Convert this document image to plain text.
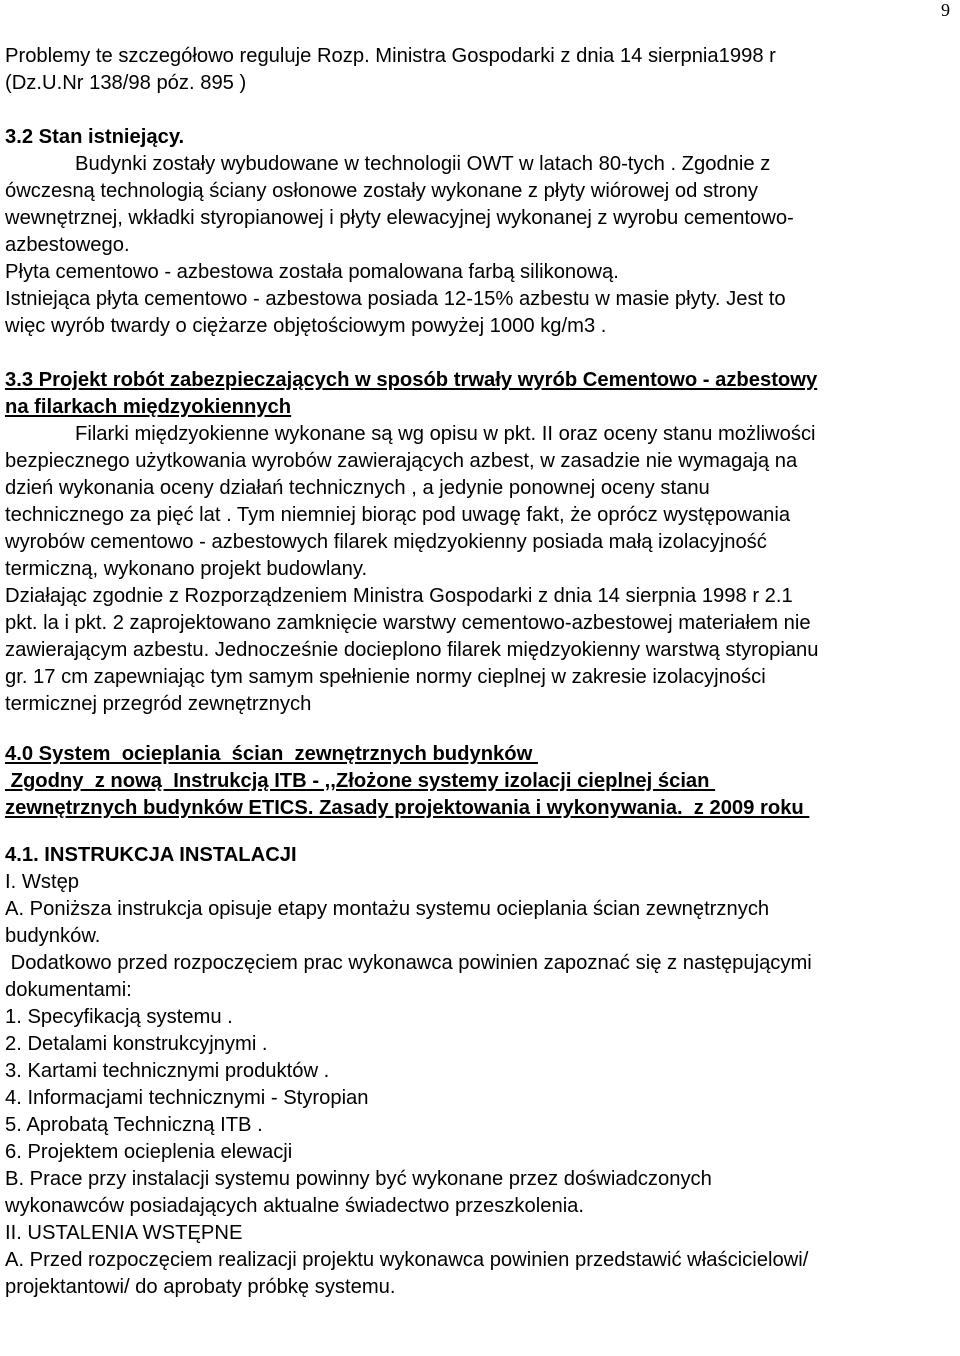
9

Problemy te szczegółowo reguluje Rozp. Ministra Gospodarki z dnia 14 sierpnia1998 r

(Dz.U.Nr 138/98 póz. 895 )

3.2 Stan istniejący.

Budynki zostały wybudowane w technologii OWT w latach 80-tych . Zgodnie z

ówczesną technologią ściany osłonowe zostały wykonane z płyty wiórowej od strony

wewnętrznej, wkładki styropianowej i płyty elewacyjnej wykonanej z wyrobu cementowo-

azbestowego.

Płyta cementowo - azbestowa została pomalowana farbą silikonową.

Istniejąca płyta cementowo - azbestowa posiada 12-15% azbestu w masie płyty. Jest to

więc wyrób twardy o ciężarze objętościowym powyżej 1000 kg/m3 .

3.3 Projekt robót zabezpieczających w sposób trwały wyrób Cementowo - azbestowy

na filarkach międzyokiennych

Filarki międzyokienne wykonane są wg opisu w pkt. II oraz oceny stanu możliwości

bezpiecznego użytkowania wyrobów zawierających azbest, w zasadzie nie wymagają na

dzień wykonania oceny działań technicznych , a jedynie ponownej oceny stanu

technicznego za pięć lat . Tym niemniej biorąc pod uwagę fakt, że oprócz występowania

wyrobów cementowo - azbestowych filarek międzyokienny posiada małą izolacyjność

termiczną, wykonano projekt budowlany.

Działając zgodnie z Rozporządzeniem Ministra Gospodarki z dnia 14 sierpnia 1998 r 2.1

pkt. la i pkt. 2 zaprojektowano zamknięcie warstwy cementowo-azbestowej materiałem nie

zawierającym azbestu. Jednocześnie docieplono filarek międzyokienny warstwą styropianu

gr. 17 cm zapewniając tym samym spełnienie normy cieplnej w zakresie izolacyjności

termicznej przegród zewnętrznych

4.0 System  ocieplania  ścian  zewnętrznych budynków

Zgodny  z nową  Instrukcją ITB - ,,Złożone systemy izolacji cieplnej ścian

zewnętrznych budynków ETICS. Zasady projektowania i wykonywania.  z 2009 roku

4.1. INSTRUKCJA INSTALACJI

I. Wstęp

A. Poniższa instrukcja opisuje etapy montażu systemu ocieplania ścian zewnętrznych

budynków.

Dodatkowo przed rozpoczęciem prac wykonawca powinien zapoznać się z następującymi

dokumentami:

1. Specyfikacją systemu .

2. Detalami konstrukcyjnymi .

3. Kartami technicznymi produktów .

4. Informacjami technicznymi - Styropian

5. Aprobatą Techniczną ITB .

6. Projektem ocieplenia elewacji

B. Prace przy instalacji systemu powinny być wykonane przez doświadczonych

wykonawców posiadających aktualne świadectwo przeszkolenia.

II. USTALENIA WSTĘPNE

A. Przed rozpoczęciem realizacji projektu wykonawca powinien przedstawić właścicielowi/

projektantowi/ do aprobaty próbkę systemu.
